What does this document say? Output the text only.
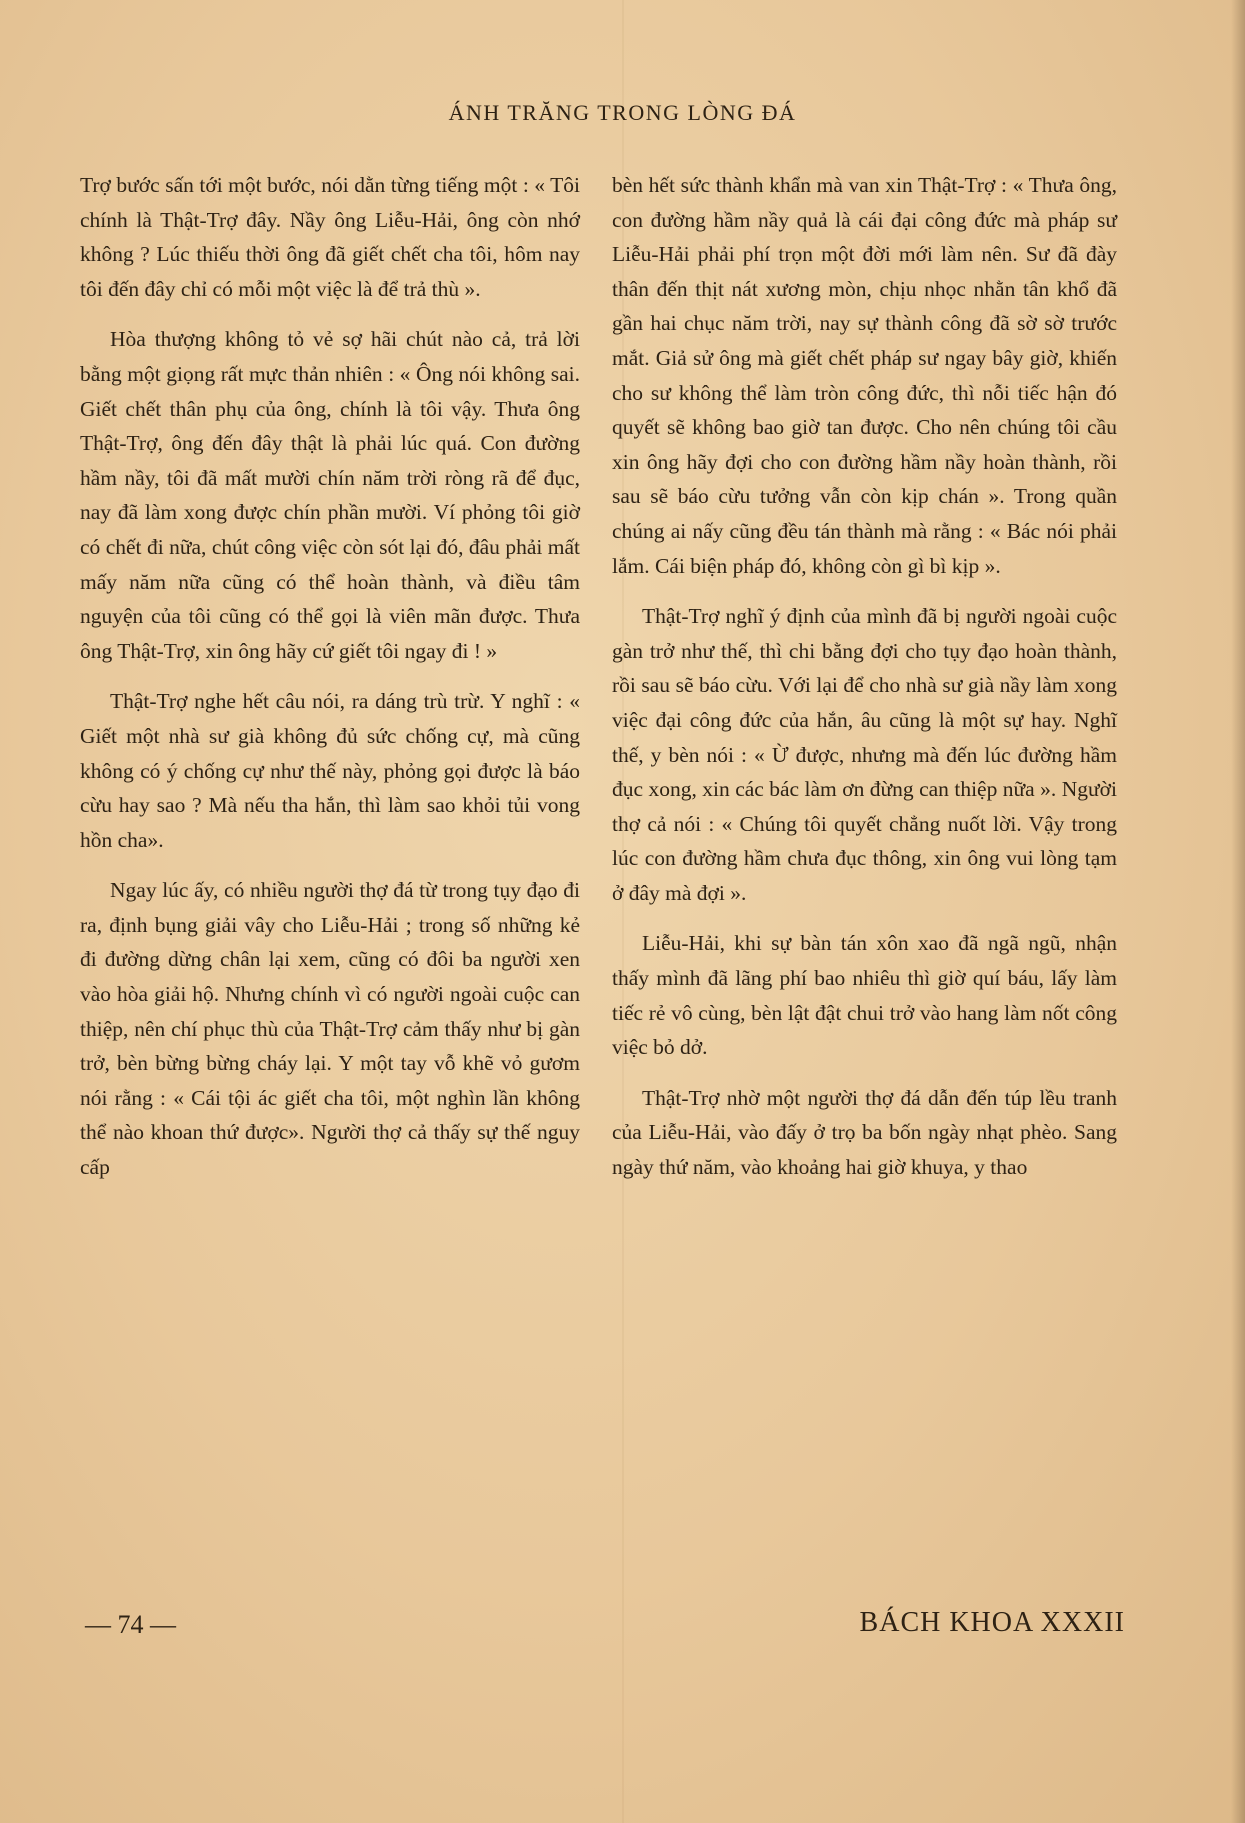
ÁNH TRĂNG TRONG LÒNG ĐÁ

Trợ bước sấn tới một bước, nói dằn từng tiếng một : « Tôi chính là Thật-Trợ đây. Nầy ông Liễu-Hải, ông còn nhớ không ? Lúc thiếu thời ông đã giết chết cha tôi, hôm nay tôi đến đây chỉ có mỗi một việc là để trả thù ».

Hòa thượng không tỏ vẻ sợ hãi chút nào cả, trả lời bằng một giọng rất mực thản nhiên : « Ông nói không sai. Giết chết thân phụ của ông, chính là tôi vậy. Thưa ông Thật-Trợ, ông đến đây thật là phải lúc quá. Con đường hầm nầy, tôi đã mất mười chín năm trời ròng rã để đục, nay đã làm xong được chín phần mười. Ví phỏng tôi giờ có chết đi nữa, chút công việc còn sót lại đó, đâu phải mất mấy năm nữa cũng có thể hoàn thành, và điều tâm nguyện của tôi cũng có thể gọi là viên mãn được. Thưa ông Thật-Trợ, xin ông hãy cứ giết tôi ngay đi ! »

Thật-Trợ nghe hết câu nói, ra dáng trù trừ. Y nghĩ : « Giết một nhà sư già không đủ sức chống cự, mà cũng không có ý chống cự như thế này, phỏng gọi được là báo cừu hay sao ? Mà nếu tha hắn, thì làm sao khỏi tủi vong hồn cha».

Ngay lúc ấy, có nhiều người thợ đá từ trong tụy đạo đi ra, định bụng giải vây cho Liễu-Hải ; trong số những kẻ đi đường dừng chân lại xem, cũng có đôi ba người xen vào hòa giải hộ. Nhưng chính vì có người ngoài cuộc can thiệp, nên chí phục thù của Thật-Trợ cảm thấy như bị gàn trở, bèn bừng bừng cháy lại. Y một tay vỗ khẽ vỏ gươm nói rằng : « Cái tội ác giết cha tôi, một nghìn lần không thể nào khoan thứ được». Người thợ cả thấy sự thế nguy cấp

bèn hết sức thành khẩn mà van xin Thật-Trợ : « Thưa ông, con đường hầm nầy quả là cái đại công đức mà pháp sư Liễu-Hải phải phí trọn một đời mới làm nên. Sư đã đày thân đến thịt nát xương mòn, chịu nhọc nhằn tân khổ đã gần hai chục năm trời, nay sự thành công đã sờ sờ trước mắt. Giả sử ông mà giết chết pháp sư ngay bây giờ, khiến cho sư không thể làm tròn công đức, thì nỗi tiếc hận đó quyết sẽ không bao giờ tan được. Cho nên chúng tôi cầu xin ông hãy đợi cho con đường hầm nầy hoàn thành, rồi sau sẽ báo cừu tưởng vẫn còn kịp chán ». Trong quần chúng ai nấy cũng đều tán thành mà rằng : « Bác nói phải lắm. Cái biện pháp đó, không còn gì bì kịp ».

Thật-Trợ nghĩ ý định của mình đã bị người ngoài cuộc gàn trở như thế, thì chi bằng đợi cho tụy đạo hoàn thành, rồi sau sẽ báo cừu. Với lại để cho nhà sư già nầy làm xong việc đại công đức của hắn, âu cũng là một sự hay. Nghĩ thế, y bèn nói : « Ừ được, nhưng mà đến lúc đường hầm đục xong, xin các bác làm ơn đừng can thiệp nữa ». Người thợ cả nói : « Chúng tôi quyết chẳng nuốt lời. Vậy trong lúc con đường hầm chưa đục thông, xin ông vui lòng tạm ở đây mà đợi ».

Liễu-Hải, khi sự bàn tán xôn xao đã ngã ngũ, nhận thấy mình đã lãng phí bao nhiêu thì giờ quí báu, lấy làm tiếc rẻ vô cùng, bèn lật đật chui trở vào hang làm nốt công việc bỏ dở.

Thật-Trợ nhờ một người thợ đá dẫn đến túp lều tranh của Liễu-Hải, vào đấy ở trọ ba bốn ngày nhạt phèo. Sang ngày thứ năm, vào khoảng hai giờ khuya, y thao

— 74 —	BÁCH KHOA XXXII
